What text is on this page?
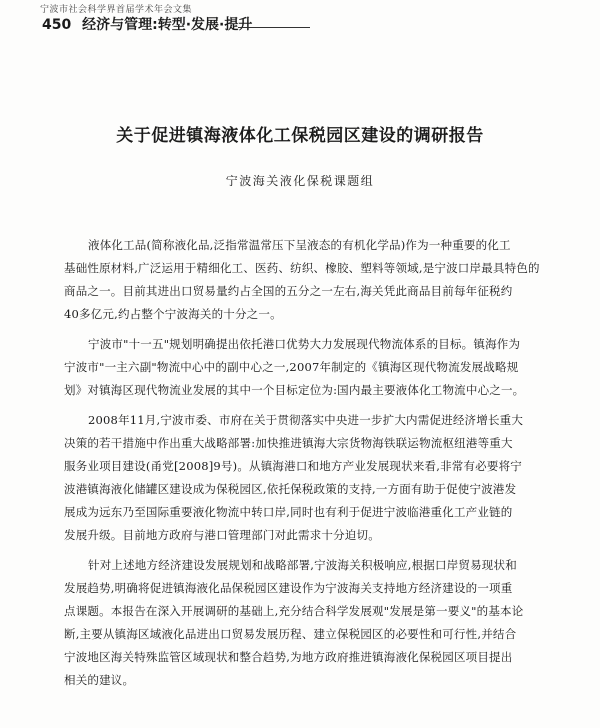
宁波市社会科学界首届学术年会文集
450 经济与管理:转型·发展·提升
关于促进镇海液体化工保税园区建设的调研报告
宁波海关液化保税课题组
液体化工品(简称液化品,泛指常温常压下呈液态的有机化学品)作为一种重要的化工
基础性原材料,广泛运用于精细化工、医药、纺织、橡胶、塑料等领域,是宁波口岸最具特色的
商品之一。目前其进出口贸易量约占全国的五分之一左右,海关凭此商品目前每年征税约
40多亿元,约占整个宁波海关的十分之一。
宁波市"十一五"规划明确提出依托港口优势大力发展现代物流体系的目标。镇海作为
宁波市"一主六副"物流中心中的副中心之一,2007年制定的《镇海区现代物流发展战略规
划》对镇海区现代物流业发展的其中一个目标定位为:国内最主要液体化工物流中心之一。
2008年11月,宁波市委、市府在关于贯彻落实中央进一步扩大内需促进经济增长重大
决策的若干措施中作出重大战略部署:加快推进镇海大宗货物海铁联运物流枢纽港等重大
服务业项目建设(甬党[2008]9号)。从镇海港口和地方产业发展现状来看,非常有必要将宁
波港镇海液化储罐区建设成为保税园区,依托保税政策的支持,一方面有助于促使宁波港发
展成为远东乃至国际重要液化物流中转口岸,同时也有利于促进宁波临港重化工产业链的
发展升级。目前地方政府与港口管理部门对此需求十分迫切。
针对上述地方经济建设发展规划和战略部署,宁波海关积极响应,根据口岸贸易现状和
发展趋势,明确将促进镇海液化品保税园区建设作为宁波海关支持地方经济建设的一项重
点课题。本报告在深入开展调研的基础上,充分结合科学发展观"发展是第一要义"的基本论
断,主要从镇海区域液化品进出口贸易发展历程、建立保税园区的必要性和可行性,并结合
宁波地区海关特殊监管区域现状和整合趋势,为地方政府推进镇海液化保税园区项目提出
相关的建议。
